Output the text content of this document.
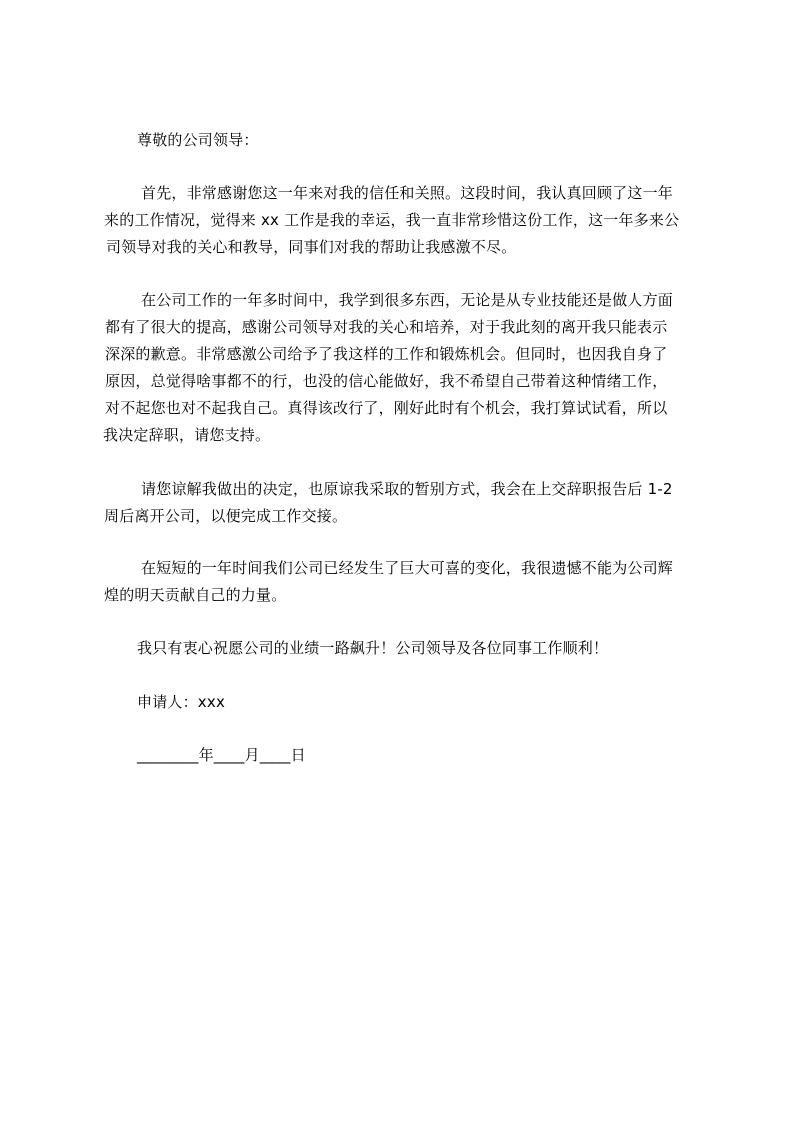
尊敬的公司领导：
首先，非常感谢您这一年来对我的信任和关照。这段时间，我认真回顾了这一年
来的工作情况，觉得来 xx 工作是我的幸运，我一直非常珍惜这份工作，这一年多来公
司领导对我的关心和教导，同事们对我的帮助让我感激不尽。
在公司工作的一年多时间中，我学到很多东西，无论是从专业技能还是做人方面
都有了很大的提高，感谢公司领导对我的关心和培养，对于我此刻的离开我只能表示
深深的歉意。非常感激公司给予了我这样的工作和锻炼机会。但同时，也因我自身了
原因，总觉得啥事都不的行，也没的信心能做好，我不希望自己带着这种情绪工作，
对不起您也对不起我自己。真得该改行了，刚好此时有个机会，我打算试试看，所以
我决定辞职，请您支持。
请您谅解我做出的决定，也原谅我采取的暂别方式，我会在上交辞职报告后 1-2
周后离开公司，以便完成工作交接。
在短短的一年时间我们公司已经发生了巨大可喜的变化，我很遗憾不能为公司辉
煌的明天贡献自己的力量。
我只有衷心祝愿公司的业绩一路飙升！公司领导及各位同事工作顺利！
申请人：xxx
________年____月____日
